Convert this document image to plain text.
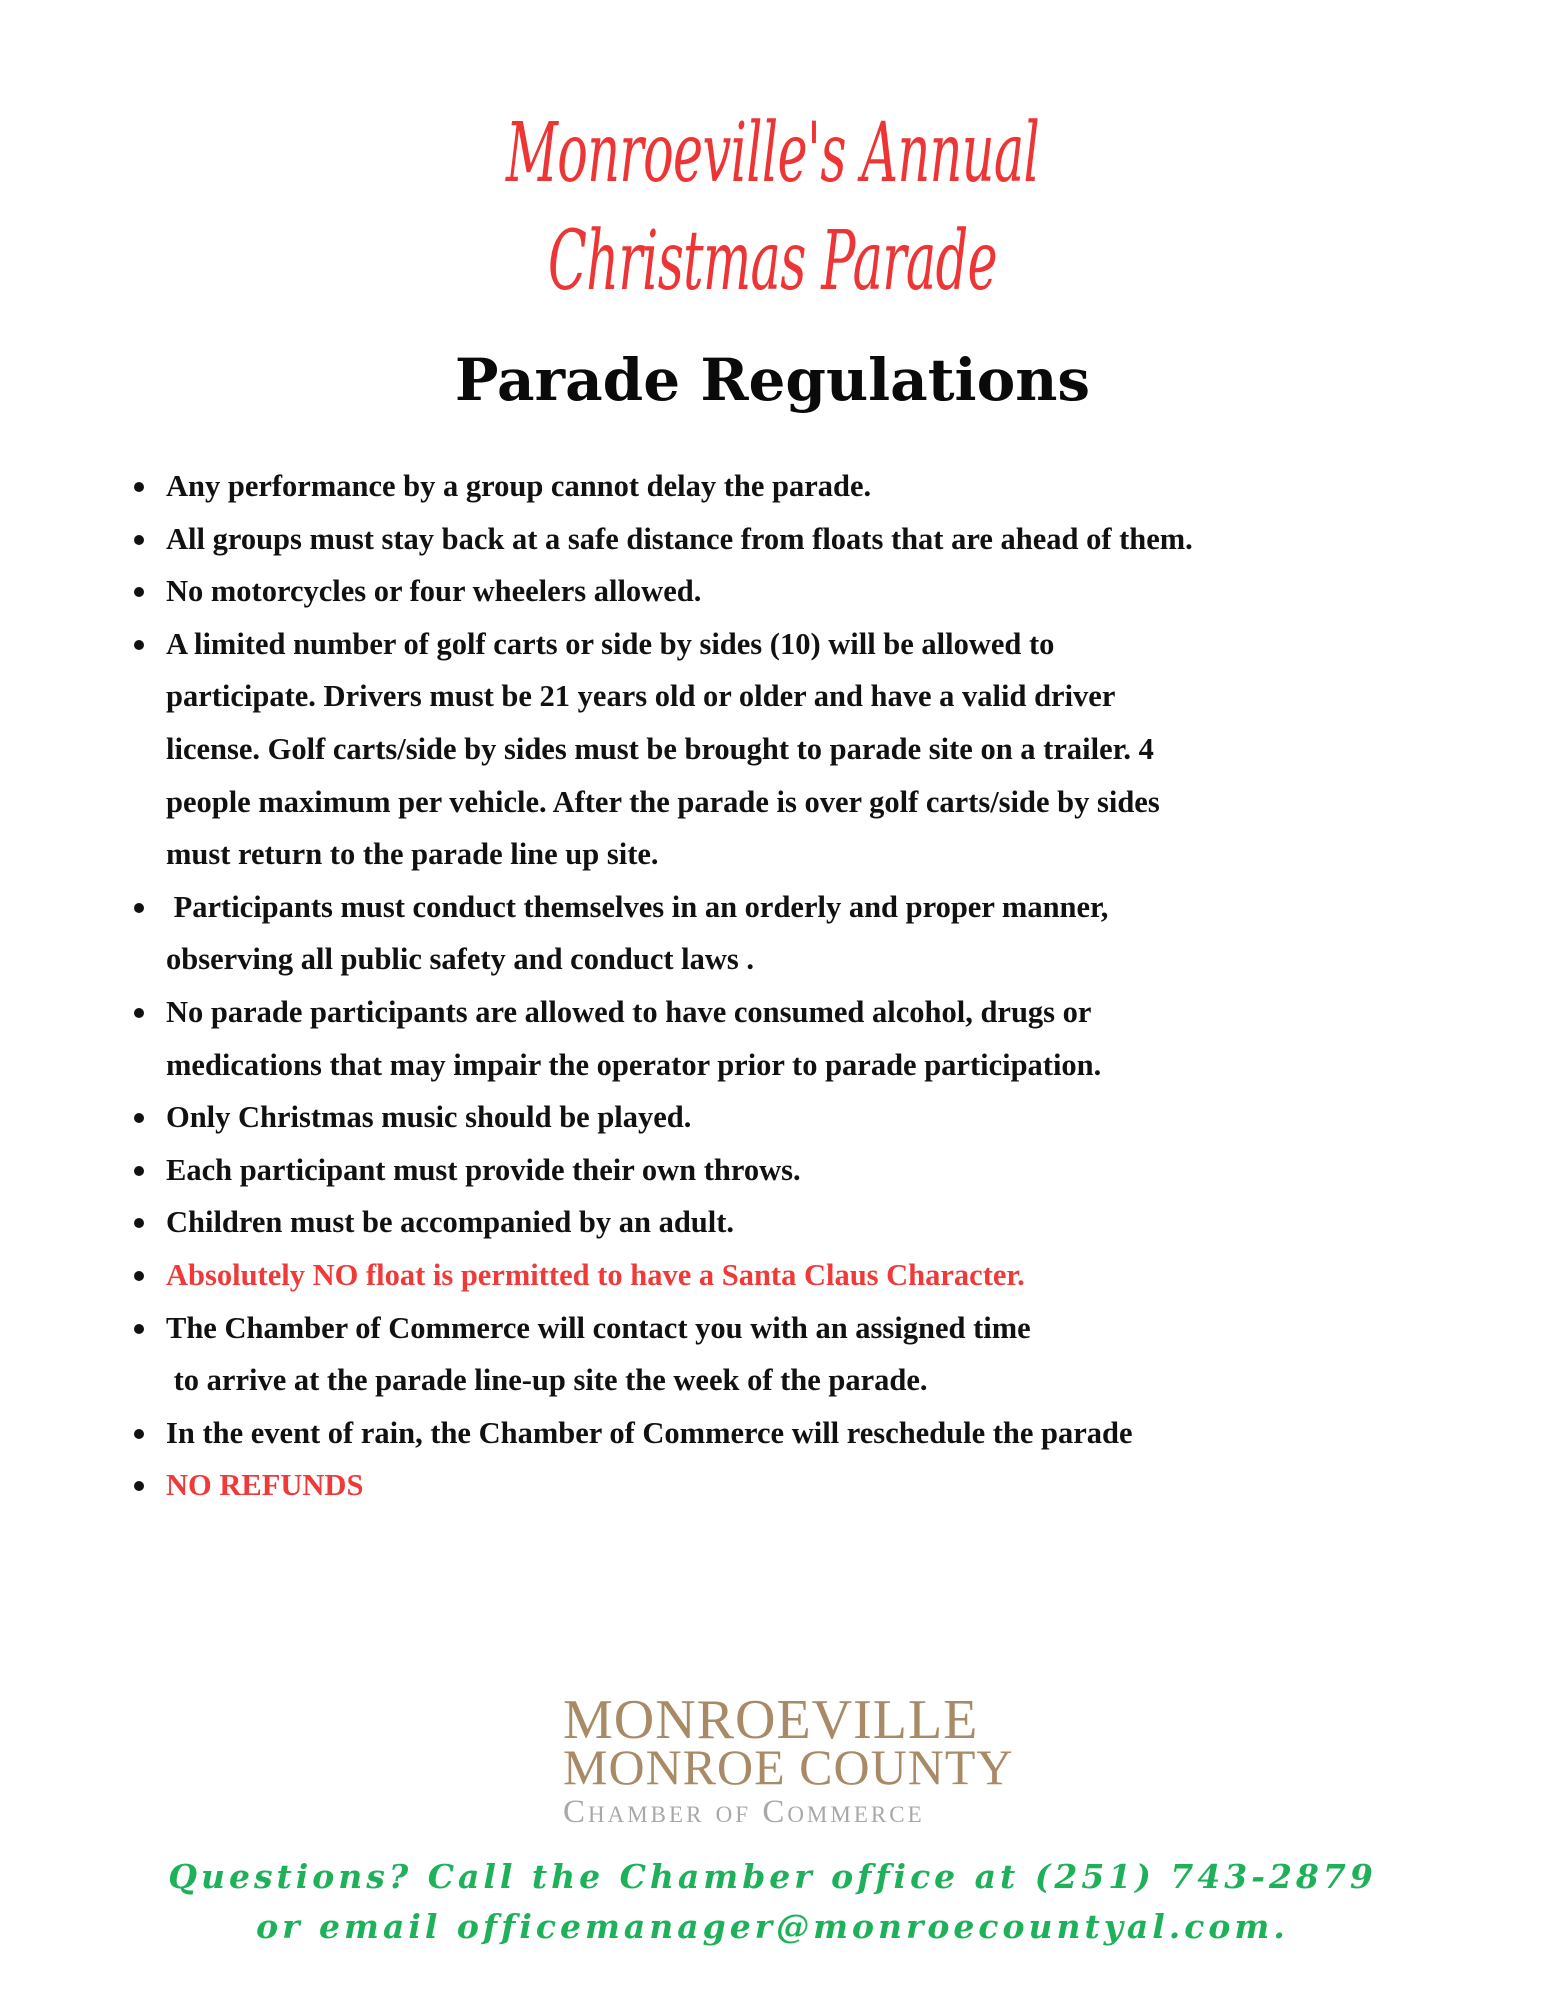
Monroeville's Annual
Christmas Parade
Parade Regulations
Any performance by a group cannot delay the parade.
All groups must stay back at a safe distance from floats that are ahead of them.
No motorcycles or four wheelers allowed.
A limited number of golf carts or side by sides (10) will be allowed to
participate. Drivers must be 21 years old or older and have a valid driver
license. Golf carts/side by sides must be brought to parade site on a trailer. 4
people maximum per vehicle. After the parade is over golf carts/side by sides
must return to the parade line up site.
Participants must conduct themselves in an orderly and proper manner,
observing all public safety and conduct laws .
No parade participants are allowed to have consumed alcohol, drugs or
medications that may impair the operator prior to parade participation.
Only Christmas music should be played.
Each participant must provide their own throws.
Children must be accompanied by an adult.
Absolutely NO float is permitted to have a Santa Claus Character.
The Chamber of Commerce will contact you with an assigned time
to arrive at the parade line-up site the week of the parade.
In the event of rain, the Chamber of Commerce will reschedule the parade
NO REFUNDS
MONROEVILLE
MONROE COUNTY
Chamber of Commerce
Questions? Call the Chamber office at (251) 743-2879
or email officemanager@monroecountyal.com.
